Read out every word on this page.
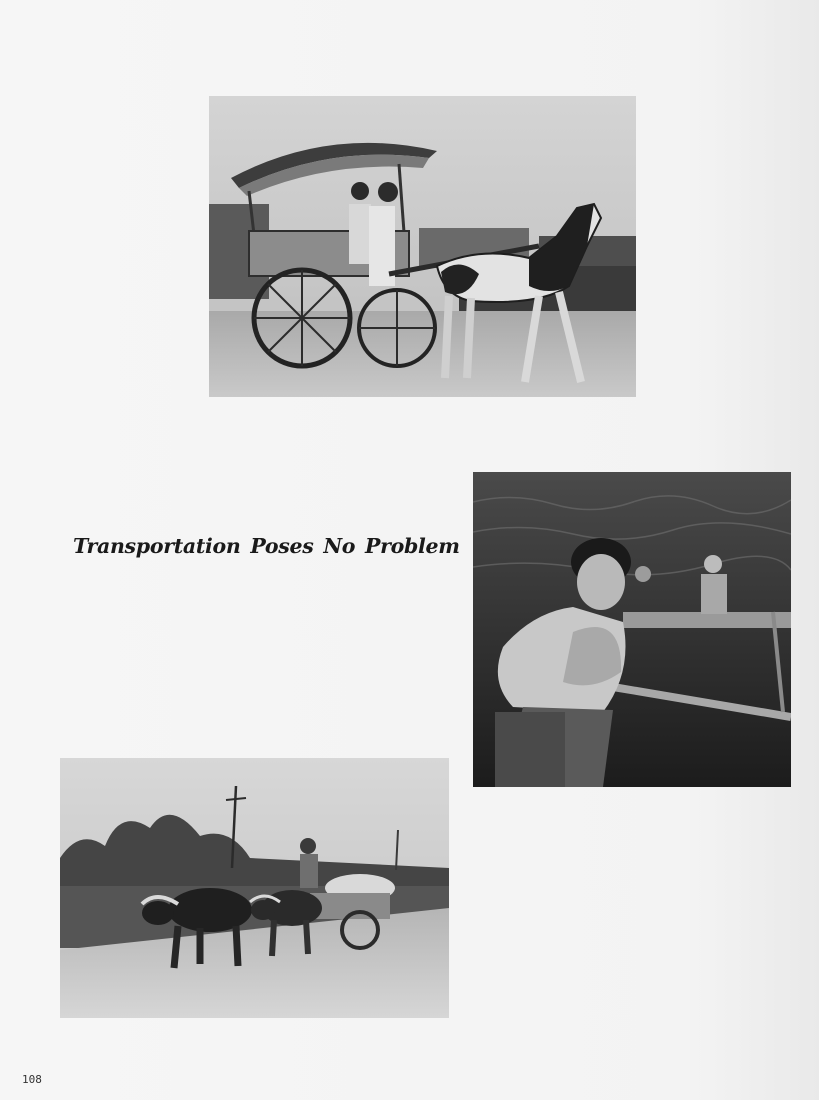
Transportation Poses No Problem
108
